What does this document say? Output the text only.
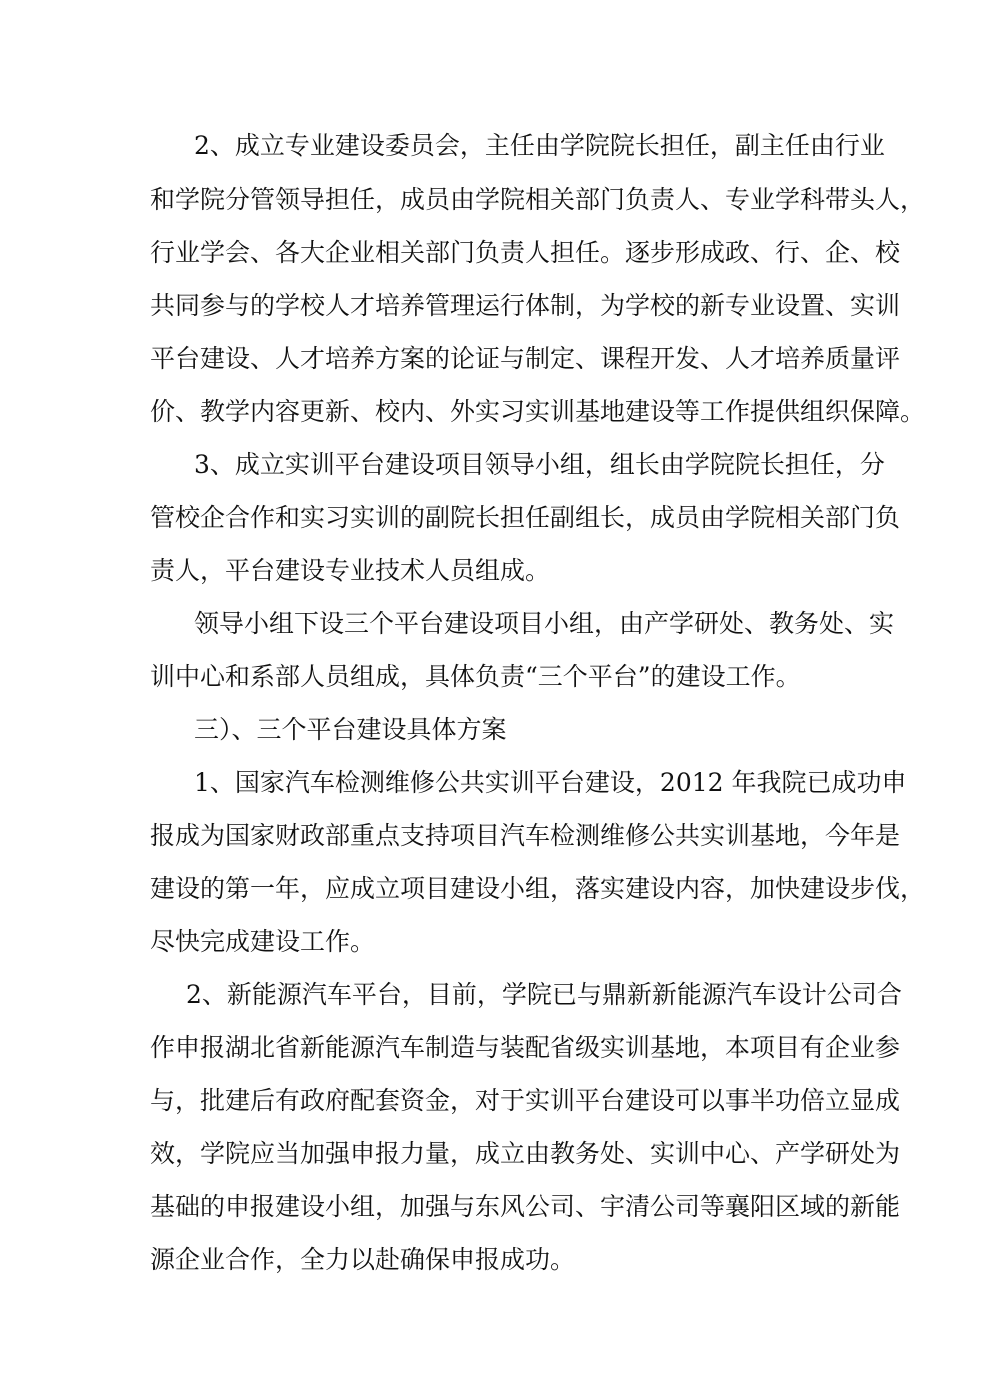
2、成立专业建设委员会，主任由学院院长担任，副主任由行业
和学院分管领导担任，成员由学院相关部门负责人、专业学科带头人，
行业学会、各大企业相关部门负责人担任。逐步形成政、行、企、校
共同参与的学校人才培养管理运行体制，为学校的新专业设置、实训
平台建设、人才培养方案的论证与制定、课程开发、人才培养质量评
价、教学内容更新、校内、外实习实训基地建设等工作提供组织保障。
3、成立实训平台建设项目领导小组，组长由学院院长担任，分
管校企合作和实习实训的副院长担任副组长，成员由学院相关部门负
责人，平台建设专业技术人员组成。
领导小组下设三个平台建设项目小组，由产学研处、教务处、实
训中心和系部人员组成，具体负责“三个平台”的建设工作。
三）、三个平台建设具体方案
1、国家汽车检测维修公共实训平台建设，2012 年我院已成功申
报成为国家财政部重点支持项目汽车检测维修公共实训基地，今年是
建设的第一年，应成立项目建设小组，落实建设内容，加快建设步伐，
尽快完成建设工作。
2、新能源汽车平台，目前，学院已与鼎新新能源汽车设计公司合
作申报湖北省新能源汽车制造与装配省级实训基地，本项目有企业参
与，批建后有政府配套资金，对于实训平台建设可以事半功倍立显成
效，学院应当加强申报力量，成立由教务处、实训中心、产学研处为
基础的申报建设小组，加强与东风公司、宇清公司等襄阳区域的新能
源企业合作，全力以赴确保申报成功。
